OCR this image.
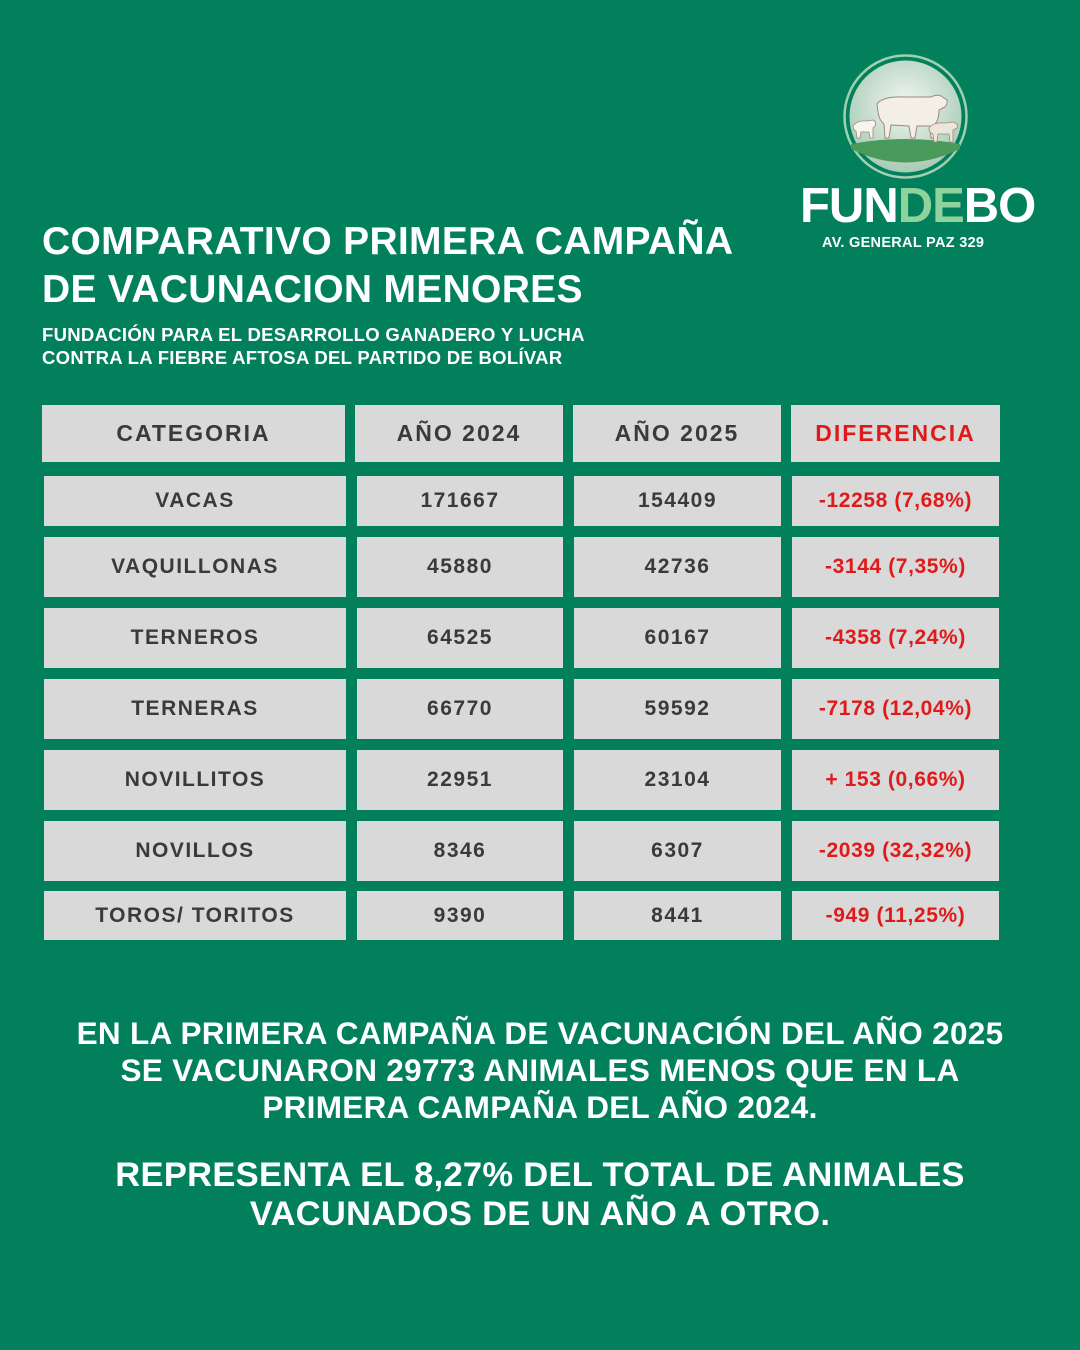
FUNDEBO
AV. GENERAL PAZ 329
COMPARATIVO PRIMERA CAMPAÑA
DE VACUNACION MENORES
FUNDACIÓN PARA EL DESARROLLO GANADERO Y LUCHA
CONTRA LA FIEBRE AFTOSA DEL PARTIDO DE BOLÍVAR
CATEGORIA	AÑO 2024	AÑO 2025	DIFERENCIA
VACAS	171667	154409	-12258 (7,68%)
VAQUILLONAS	45880	42736	-3144 (7,35%)
TERNEROS	64525	60167	-4358 (7,24%)
TERNERAS	66770	59592	-7178 (12,04%)
NOVILLITOS	22951	23104	+ 153 (0,66%)
NOVILLOS	8346	6307	-2039 (32,32%)
TOROS/ TORITOS	9390	8441	-949 (11,25%)
EN LA PRIMERA CAMPAÑA DE VACUNACIÓN DEL AÑO 2025
SE VACUNARON 29773 ANIMALES MENOS QUE EN LA
PRIMERA CAMPAÑA DEL AÑO 2024.
REPRESENTA EL 8,27% DEL TOTAL DE ANIMALES
VACUNADOS DE UN AÑO A OTRO.
